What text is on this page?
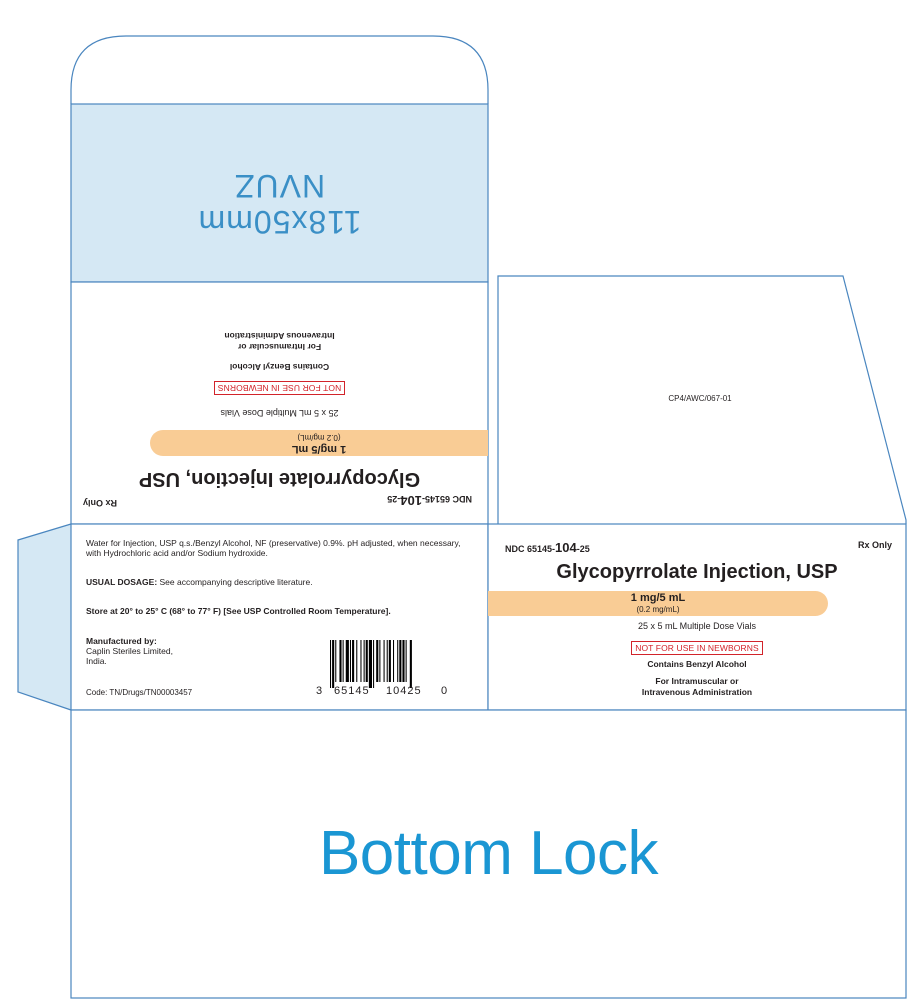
118x50mm
NVUZ
NDC 65145-104-25
Rx Only
Glycopyrrolate Injection, USP
1 mg/5 mL
(0.2 mg/mL)
25 x 5 mL Multiple Dose Vials
NOT FOR USE IN NEWBORNS
Contains Benzyl Alcohol
For Intramuscular or
Intravenous Administration
CP4/AWC/067-01
Water for Injection, USP q.s./Benzyl Alcohol, NF (preservative) 0.9%. pH adjusted, when necessary, with Hydrochloric acid and/or Sodium hydroxide.
USUAL DOSAGE: See accompanying descriptive literature.
Store at 20° to 25° C (68° to 77° F) [See USP Controlled Room Temperature].
Manufactured by:
Caplin Steriles Limited,
India.
Code: TN/Drugs/TN00003457	3 65145 10425 0
NDC 65145-104-25	Rx Only
Glycopyrrolate Injection, USP
1 mg/5 mL
(0.2 mg/mL)
25 x 5 mL Multiple Dose Vials
NOT FOR USE IN NEWBORNS
Contains Benzyl Alcohol
For Intramuscular or
Intravenous Administration
Bottom Lock
